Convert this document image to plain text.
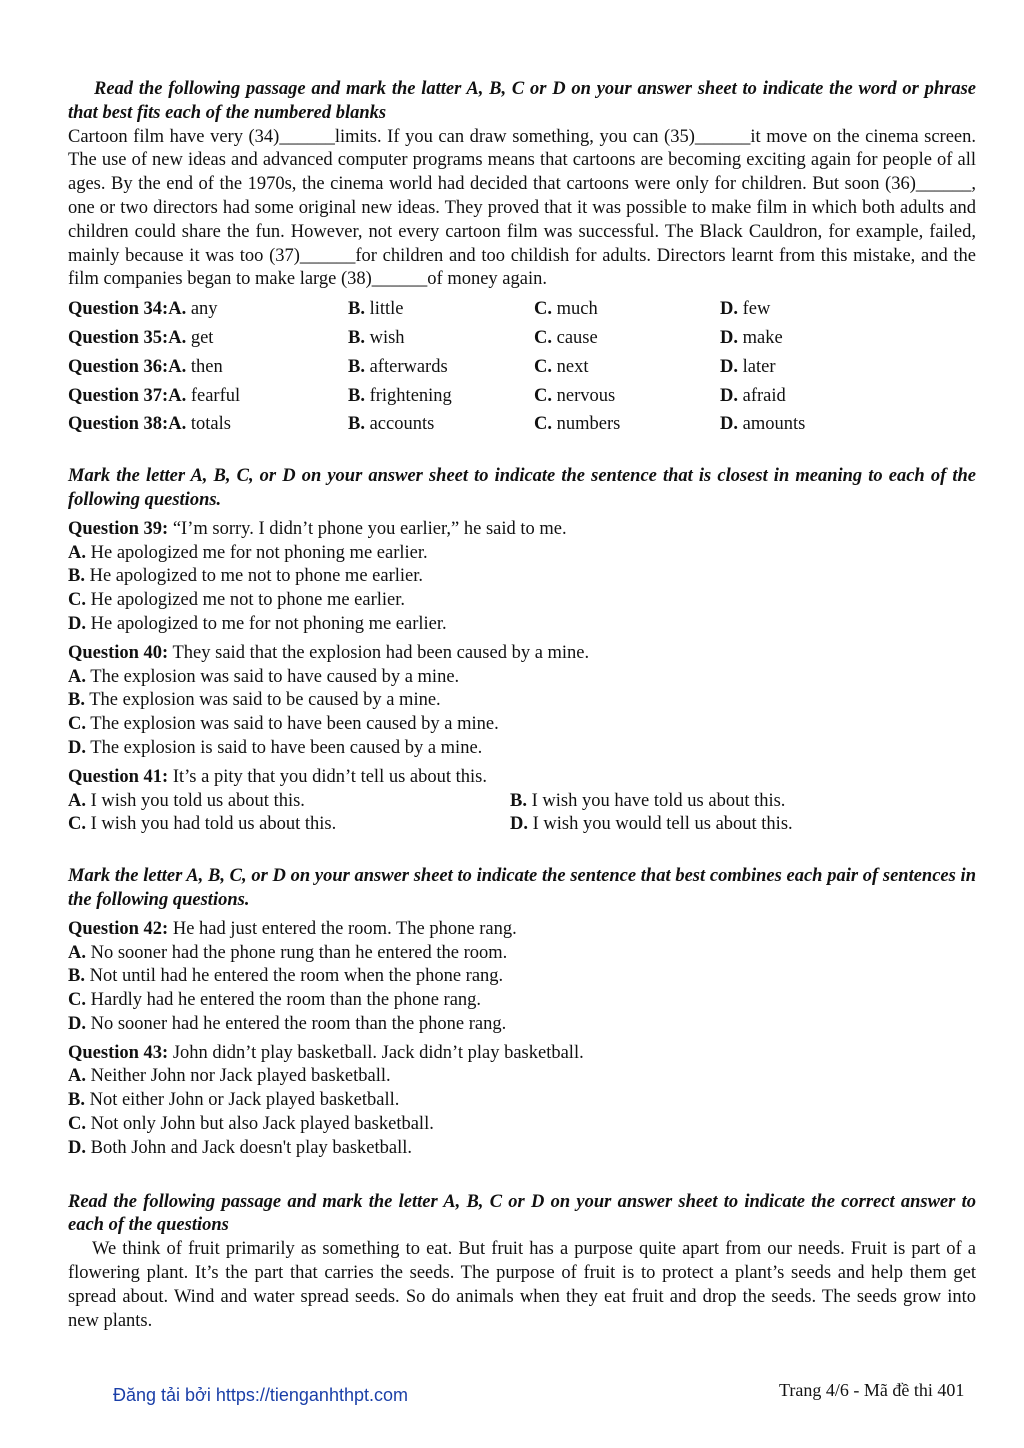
Read the following passage and mark the latter A, B, C or D on your answer sheet to indicate the word or phrase that best fits each of the numbered blanks
Cartoon film have very (34)______limits. If you can draw something, you can (35)______it move on the cinema screen. The use of new ideas and advanced computer programs means that cartoons are becoming exciting again for people of all ages. By the end of the 1970s, the cinema world had decided that cartoons were only for children. But soon (36)______, one or two directors had some original new ideas. They proved that it was possible to make film in which both adults and children could share the fun. However, not every cartoon film was successful. The Black Cauldron, for example, failed, mainly because it was too (37)______for children and too childish for adults. Directors learnt from this mistake, and the film companies began to make large (38)______of money again.
Question 34:A. any	B. little	C. much	D. few
Question 35:A. get	B. wish	C. cause	D. make
Question 36:A. then	B. afterwards	C. next	D. later
Question 37:A. fearful	B. frightening	C. nervous	D. afraid
Question 38:A. totals	B. accounts	C. numbers	D. amounts
Mark the letter A, B, C, or D on your answer sheet to indicate the sentence that is closest in meaning to each of the following questions.
Question 39: “I’m sorry. I didn’t phone you earlier,” he said to me.
A. He apologized me for not phoning me earlier.
B. He apologized to me not to phone me earlier.
C. He apologized me not to phone me earlier.
D. He apologized to me for not phoning me earlier.
Question 40: They said that the explosion had been caused by a mine.
A. The explosion was said to have caused by a mine.
B. The explosion was said to be caused by a mine.
C. The explosion was said to have been caused by a mine.
D. The explosion is said to have been caused by a mine.
Question 41: It’s a pity that you didn’t tell us about this.
A. I wish you told us about this.	B. I wish you have told us about this.
C. I wish you had told us about this.	D. I wish you would tell us about this.
Mark the letter A, B, C, or D on your answer sheet to indicate the sentence that best combines each pair of sentences in the following questions.
Question 42: He had just entered the room. The phone rang.
A. No sooner had the phone rung than he entered the room.
B. Not until had he entered the room when the phone rang.
C. Hardly had he entered the room than the phone rang.
D. No sooner had he entered the room than the phone rang.
Question 43: John didn’t play basketball. Jack didn’t play basketball.
A. Neither John nor Jack played basketball.
B. Not either John or Jack played basketball.
C. Not only John but also Jack played basketball.
D. Both John and Jack doesn't play basketball.
Read the following passage and mark the letter A, B, C or D on your answer sheet to indicate the correct answer to each of the questions
We think of fruit primarily as something to eat. But fruit has a purpose quite apart from our needs. Fruit is part of a flowering plant. It’s the part that carries the seeds. The purpose of fruit is to protect a plant’s seeds and help them get spread about. Wind and water spread seeds. So do animals when they eat fruit and drop the seeds. The seeds grow into new plants.
Đăng tải bởi https://tienganhthpt.com	Trang 4/6 - Mã đề thi 401
